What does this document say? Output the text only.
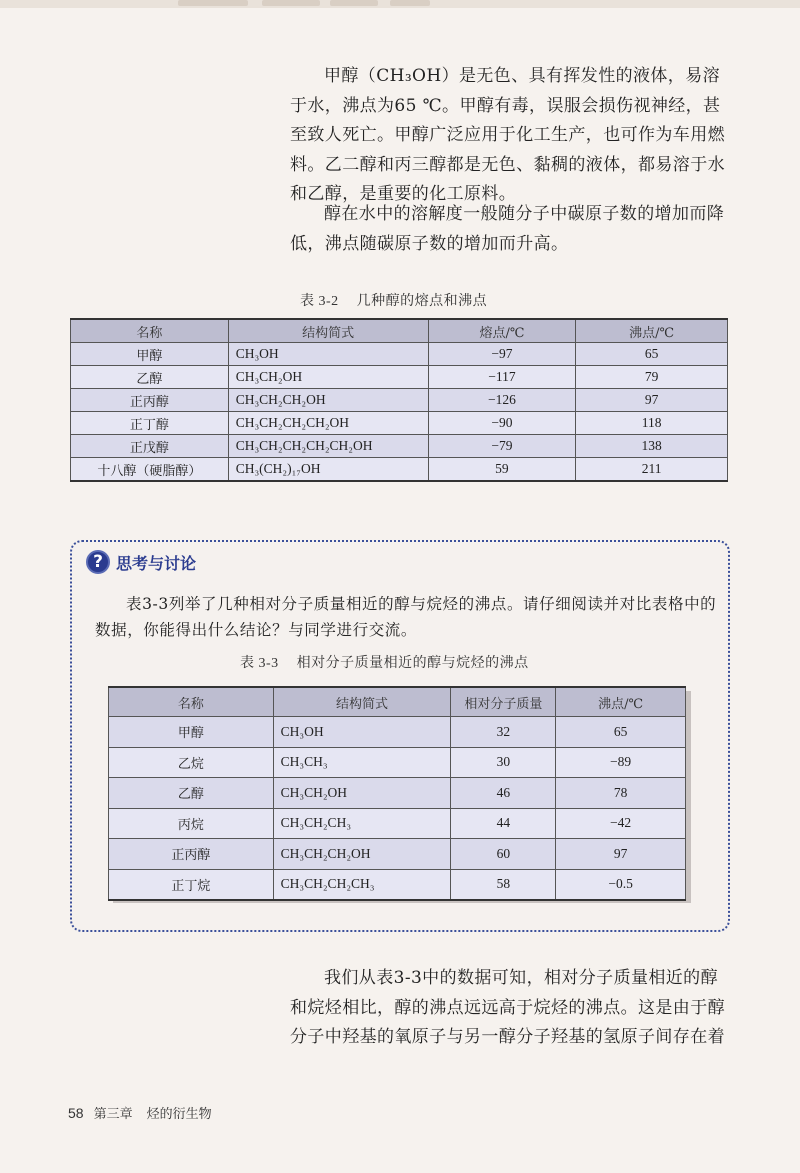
甲醇（CH₃OH）是无色、具有挥发性的液体，易溶于水，沸点为65 ℃。甲醇有毒，误服会损伤视神经，甚至致人死亡。甲醇广泛应用于化工生产，也可作为车用燃料。乙二醇和丙三醇都是无色、黏稠的液体，都易溶于水和乙醇，是重要的化工原料。

醇在水中的溶解度一般随分子中碳原子数的增加而降低，沸点随碳原子数的增加而升高。

表 3-2 几种醇的熔点和沸点
名称	结构简式	熔点/℃	沸点/℃
甲醇	CH₃OH	−97	65
乙醇	CH₃CH₂OH	−117	79
正丙醇	CH₃CH₂CH₂OH	−126	97
正丁醇	CH₃CH₂CH₂CH₂OH	−90	118
正戊醇	CH₃CH₂CH₂CH₂CH₂OH	−79	138
十八醇（硬脂醇）	CH₃(CH₂)₁₇OH	59	211
? 思考与讨论

表3-3列举了几种相对分子质量相近的醇与烷烃的沸点。请仔细阅读并对比表格中的数据，你能得出什么结论？与同学进行交流。

表 3-3 相对分子质量相近的醇与烷烃的沸点
名称	结构简式	相对分子质量	沸点/℃
甲醇	CH₃OH	32	65
乙烷	CH₃CH₃	30	−89
乙醇	CH₃CH₂OH	46	78
丙烷	CH₃CH₂CH₃	44	−42
正丙醇	CH₃CH₂CH₂OH	60	97
正丁烷	CH₃CH₂CH₂CH₃	58	−0.5

我们从表3-3中的数据可知，相对分子质量相近的醇和烷烃相比，醇的沸点远远高于烷烃的沸点。这是由于醇分子中羟基的氧原子与另一醇分子羟基的氢原子间存在着

58 第三章 烃的衍生物
